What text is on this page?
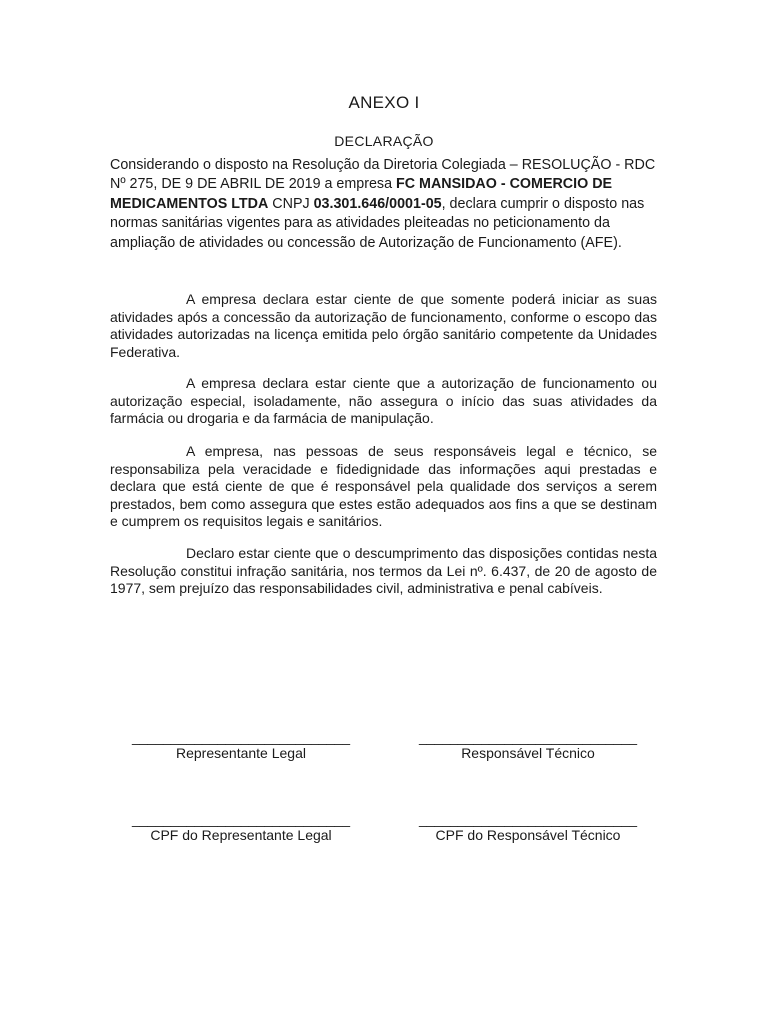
ANEXO I
DECLARAÇÃO

Considerando o disposto na Resolução da Diretoria Colegiada – RESOLUÇÃO - RDC Nº 275, DE 9 DE ABRIL DE 2019 a empresa FC MANSIDAO - COMERCIO DE MEDICAMENTOS LTDA CNPJ 03.301.646/0001-05, declara cumprir o disposto nas normas sanitárias vigentes para as atividades pleiteadas no peticionamento da ampliação de atividades ou concessão de Autorização de Funcionamento (AFE).

A empresa declara estar ciente de que somente poderá iniciar as suas atividades após a concessão da autorização de funcionamento, conforme o escopo das atividades autorizadas na licença emitida pelo órgão sanitário competente da Unidades Federativa.

A empresa declara estar ciente que a autorização de funcionamento ou autorização especial, isoladamente, não assegura o início das suas atividades da farmácia ou drogaria e da farmácia de manipulação.

A empresa, nas pessoas de seus responsáveis legal e técnico, se responsabiliza pela veracidade e fidedignidade das informações aqui prestadas e declara que está ciente de que é responsável pela qualidade dos serviços a serem prestados, bem como assegura que estes estão adequados aos fins a que se destinam e cumprem os requisitos legais e sanitários.

Declaro estar ciente que o descumprimento das disposições contidas nesta Resolução constitui infração sanitária, nos termos da Lei nº. 6.437, de 20 de agosto de 1977, sem prejuízo das responsabilidades civil, administrativa e penal cabíveis.

____________________________	____________________________
Representante Legal	Responsável Técnico
____________________________	____________________________
CPF do Representante Legal	CPF do Responsável Técnico
